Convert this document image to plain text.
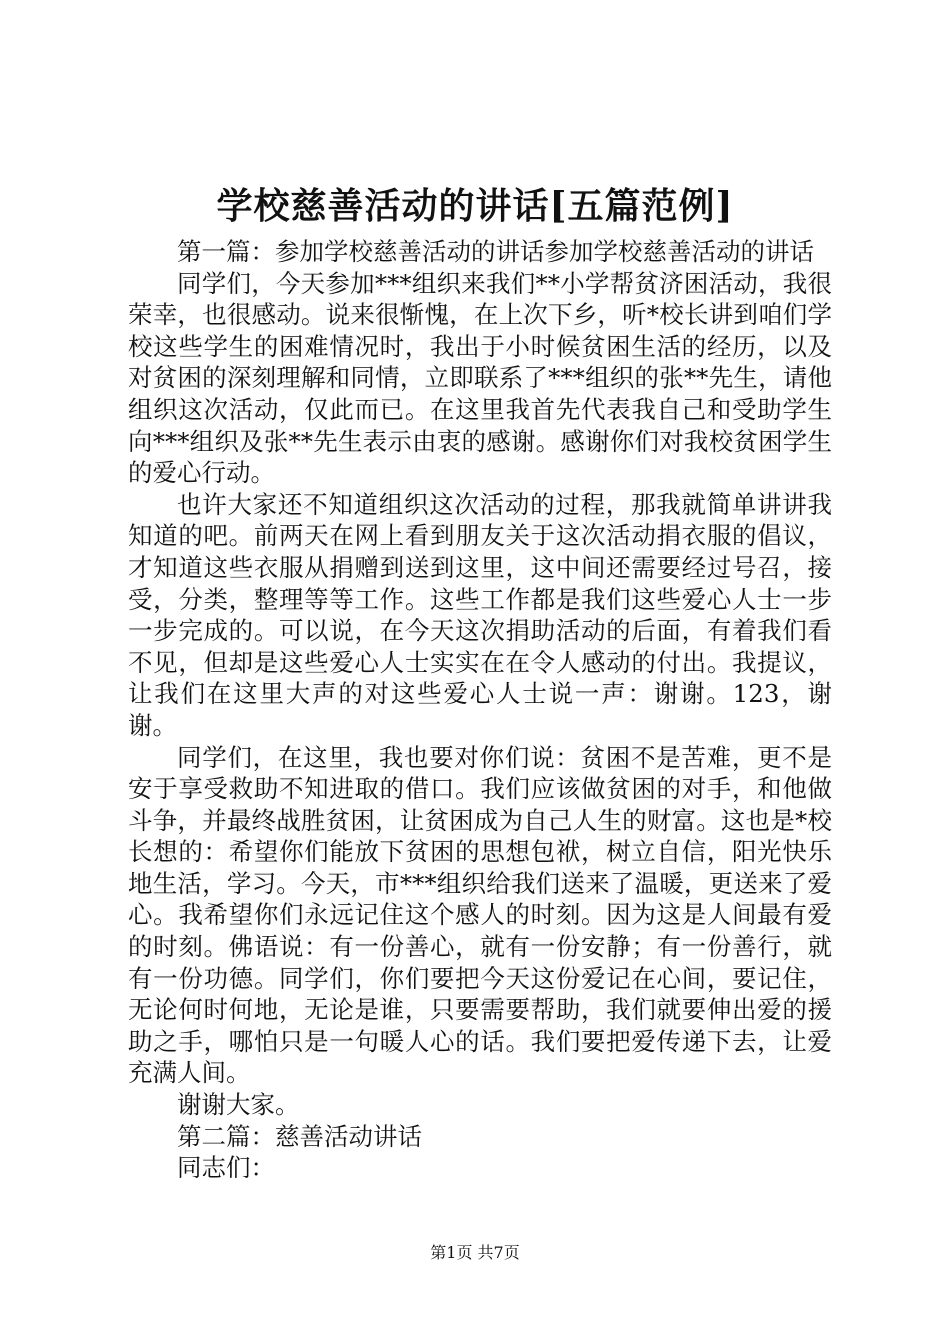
学校慈善活动的讲话[五篇范例]

第一篇：参加学校慈善活动的讲话参加学校慈善活动的讲话

同学们，今天参加***组织来我们**小学帮贫济困活动，我很荣幸，也很感动。说来很惭愧，在上次下乡，听*校长讲到咱们学校这些学生的困难情况时，我出于小时候贫困生活的经历，以及对贫困的深刻理解和同情，立即联系了***组织的张**先生，请他组织这次活动，仅此而已。在这里我首先代表我自己和受助学生向***组织及张**先生表示由衷的感谢。感谢你们对我校贫困学生的爱心行动。

也许大家还不知道组织这次活动的过程，那我就简单讲讲我知道的吧。前两天在网上看到朋友关于这次活动捐衣服的倡议，才知道这些衣服从捐赠到送到这里，这中间还需要经过号召，接受，分类，整理等等工作。这些工作都是我们这些爱心人士一步一步完成的。可以说，在今天这次捐助活动的后面，有着我们看不见，但却是这些爱心人士实实在在令人感动的付出。我提议，让我们在这里大声的对这些爱心人士说一声：谢谢。123，谢谢。

同学们，在这里，我也要对你们说：贫困不是苦难，更不是安于享受救助不知进取的借口。我们应该做贫困的对手，和他做斗争，并最终战胜贫困，让贫困成为自己人生的财富。这也是*校长想的：希望你们能放下贫困的思想包袱，树立自信，阳光快乐地生活，学习。今天，市***组织给我们送来了温暖，更送来了爱心。我希望你们永远记住这个感人的时刻。因为这是人间最有爱的时刻。佛语说：有一份善心，就有一份安静；有一份善行，就有一份功德。同学们，你们要把今天这份爱记在心间，要记住，无论何时何地，无论是谁，只要需要帮助，我们就要伸出爱的援助之手，哪怕只是一句暖人心的话。我们要把爱传递下去，让爱充满人间。

谢谢大家。

第二篇：慈善活动讲话

同志们：

第1页 共7页
